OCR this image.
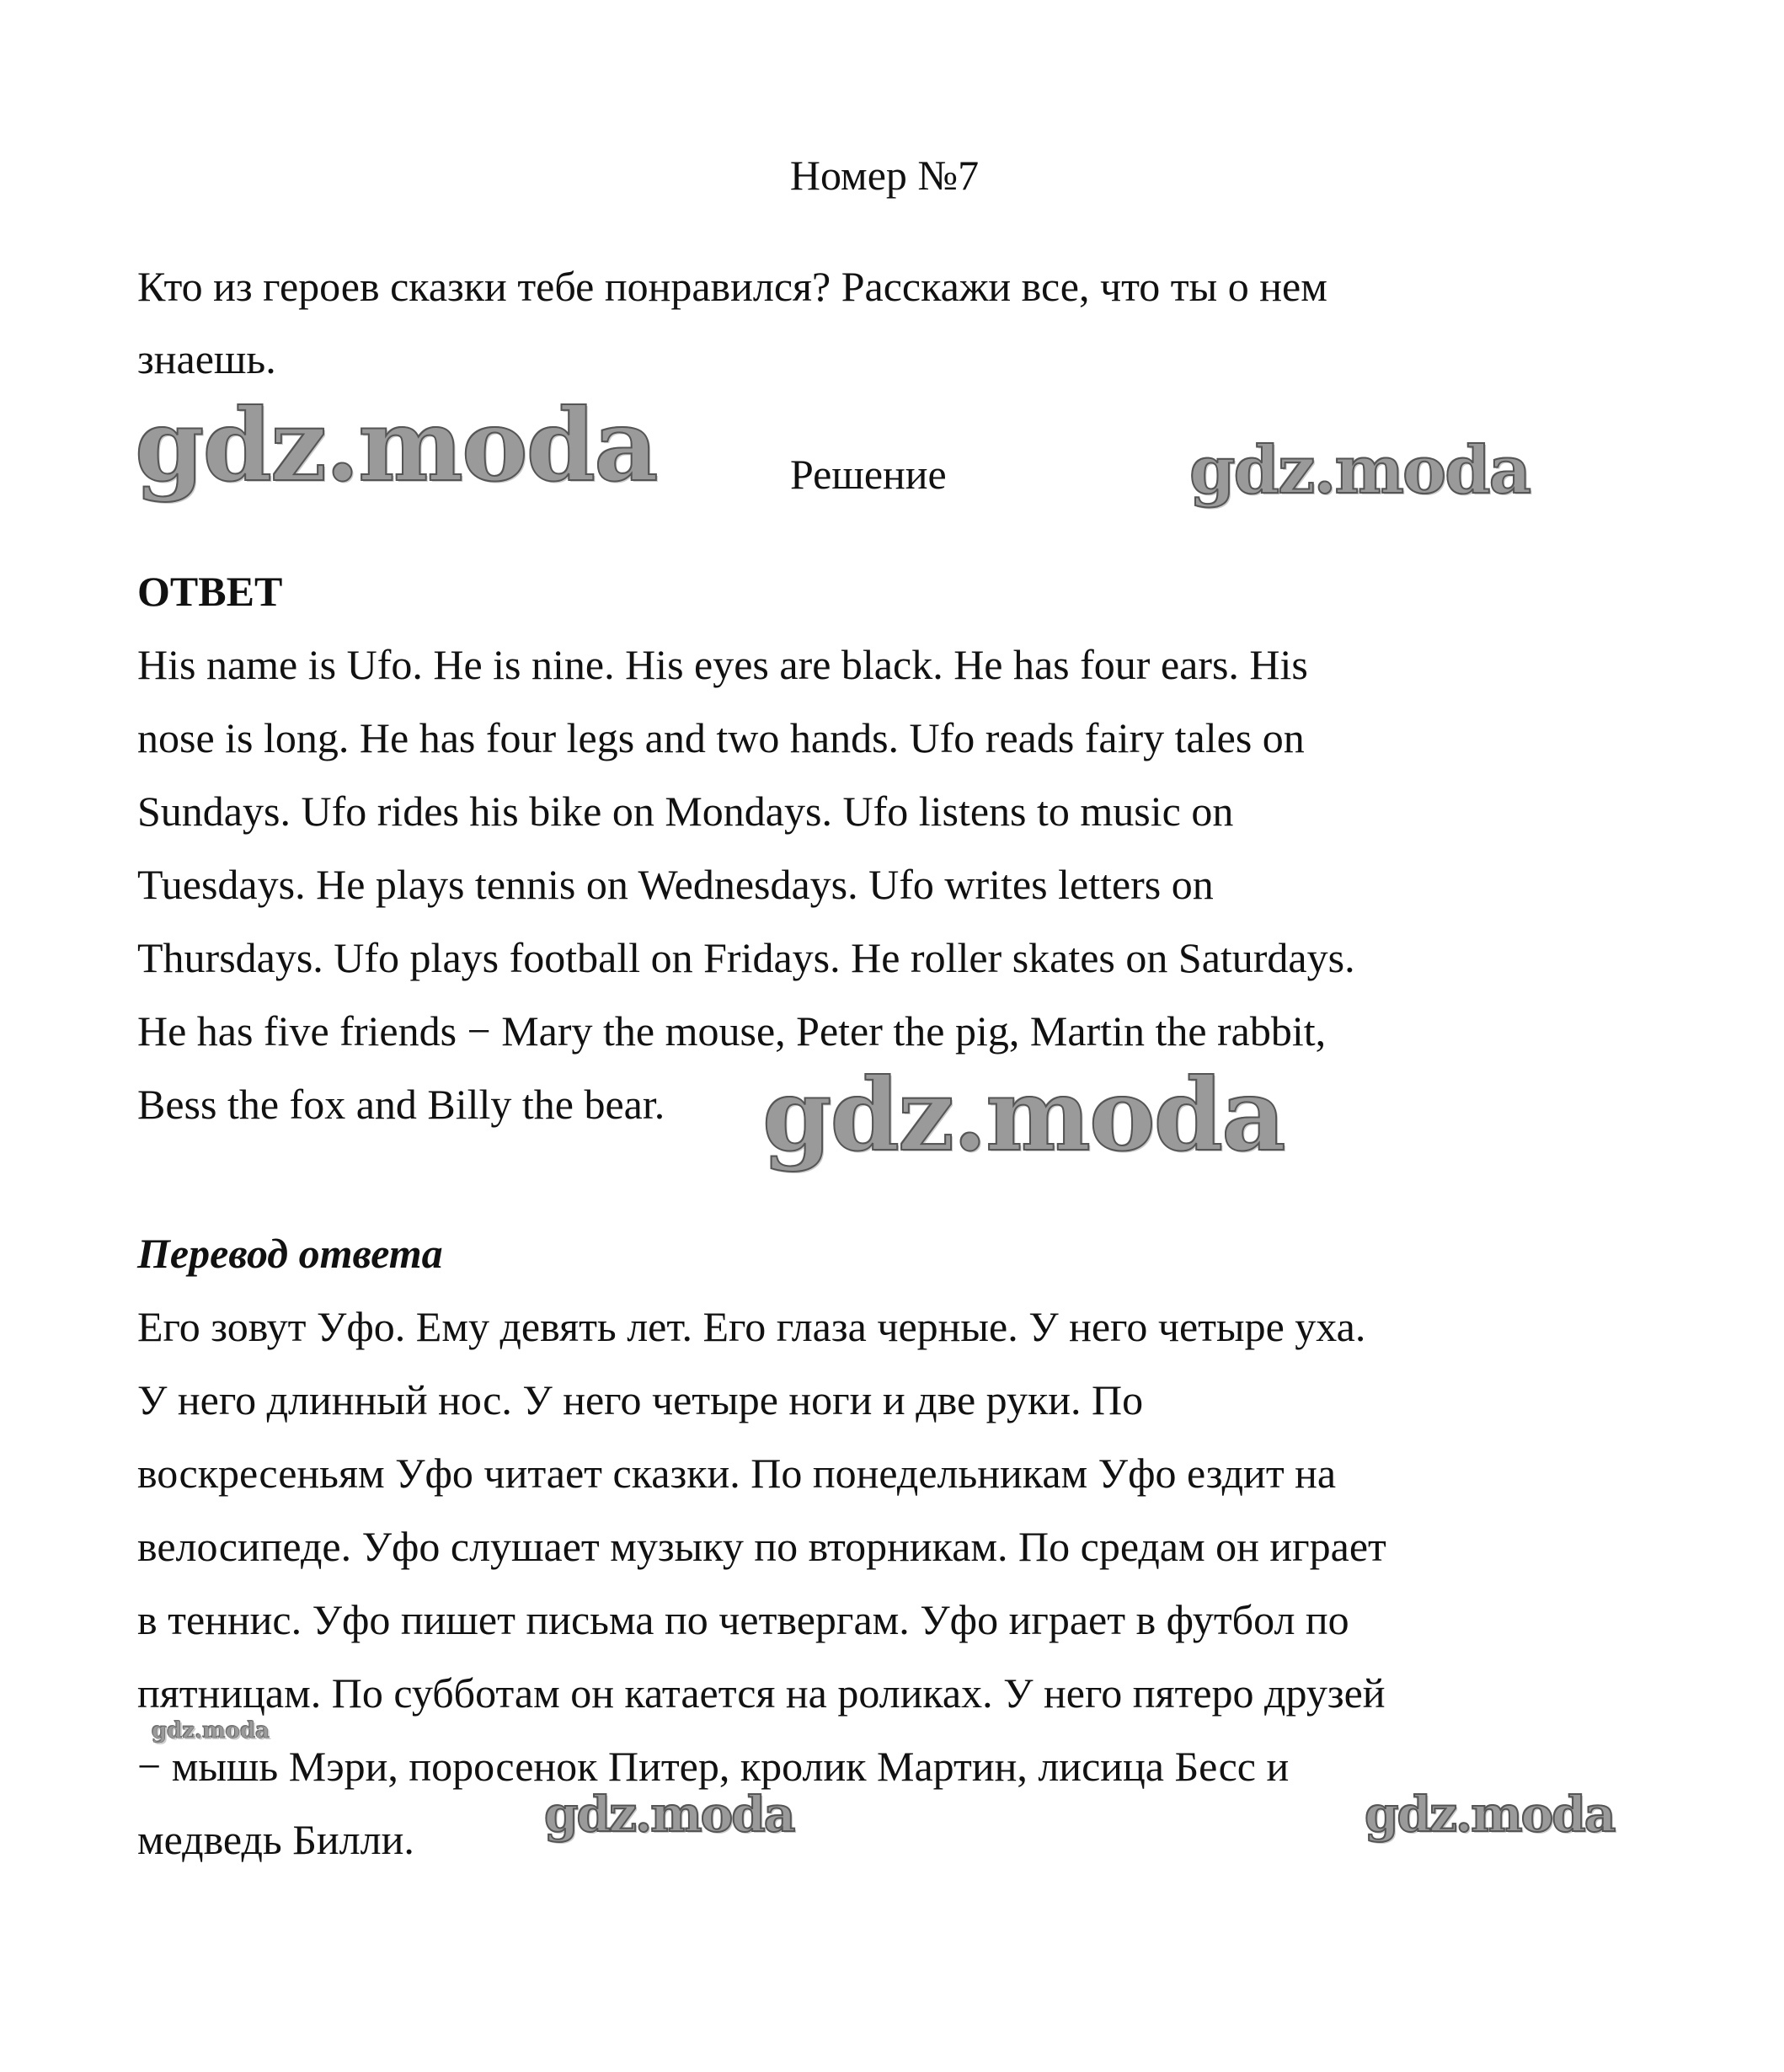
Номер №7
Кто из героев сказки тебе понравился? Расскажи все, что ты о нем
знаешь.
gdz.moda	Решение	gdz.moda
ОТВЕТ
His name is Ufo. He is nine. His eyes are black. He has four ears. His
nose is long. He has four legs and two hands. Ufo reads fairy tales on
Sundays. Ufo rides his bike on Mondays. Ufo listens to music on
Tuesdays. He plays tennis on Wednesdays. Ufo writes letters on
Thursdays. Ufo plays football on Fridays. He roller skates on Saturdays.
He has five friends − Mary the mouse, Peter the pig, Martin the rabbit,
Bess the fox and Billy the bear. gdz.moda
Перевод ответа
Его зовут Уфо. Ему девять лет. Его глаза черные. У него четыре уха.
У него длинный нос. У него четыре ноги и две руки. По
воскресеньям Уфо читает сказки. По понедельникам Уфо ездит на
велосипеде. Уфо слушает музыку по вторникам. По средам он играет
в теннис. Уфо пишет письма по четвергам. Уфо играет в футбол по
пятницам. По субботам он катается на роликах. У него пятеро друзей
− мышь Мэри, поросенок Питер, кролик Мартин, лисица Бесс и
медведь Билли.
gdz.moda
gdz.moda	gdz.moda
